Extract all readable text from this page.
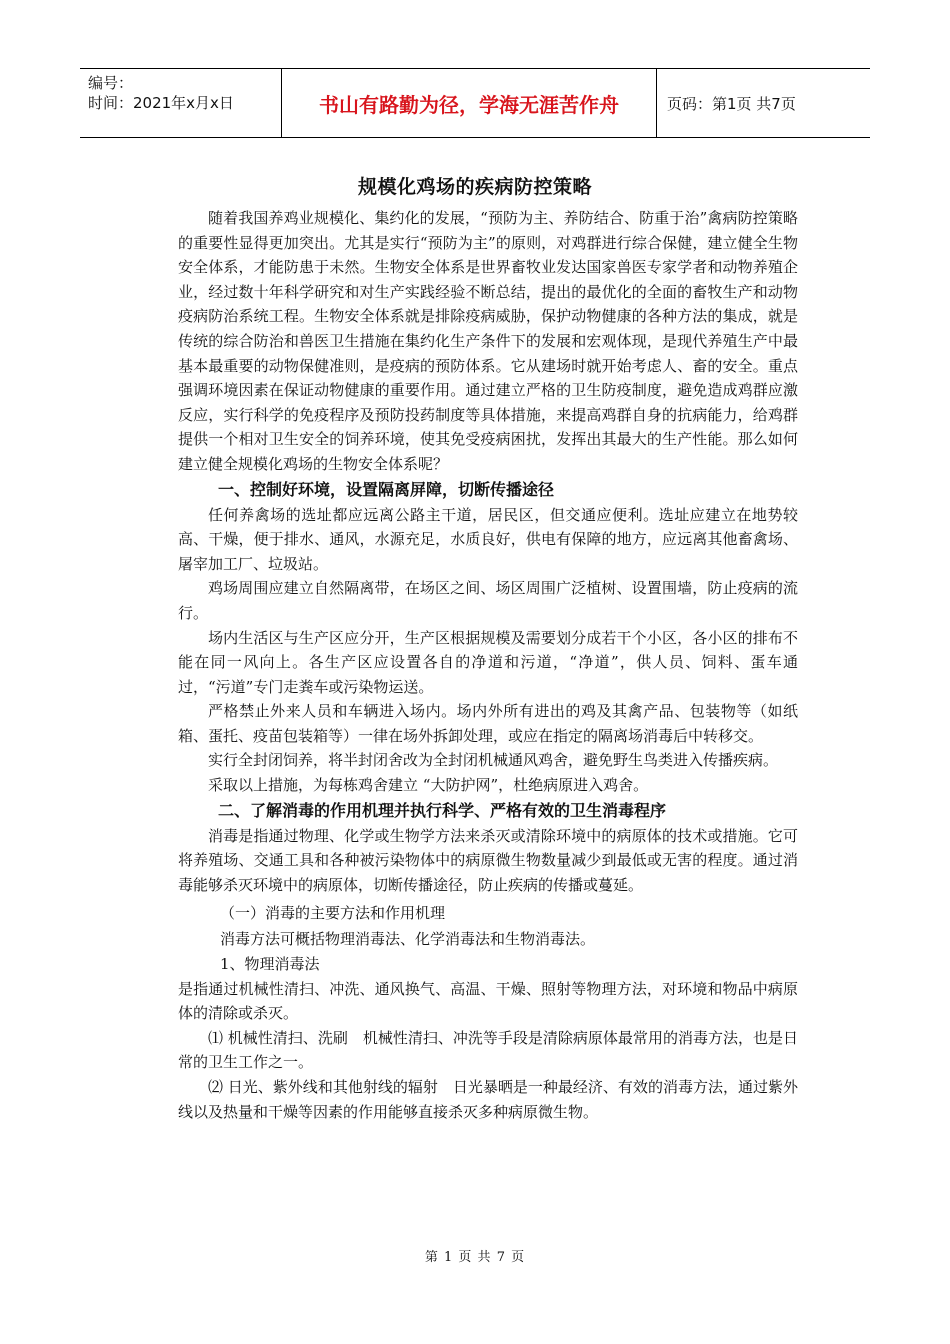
编号：
时间：2021年x月x日	书山有路勤为径，学海无涯苦作舟	页码：第1页 共7页
规模化鸡场的疾病防控策略

随着我国养鸡业规模化、集约化的发展，“预防为主、养防结合、防重于治”禽病防控策略的重要性显得更加突出。尤其是实行“预防为主”的原则，对鸡群进行综合保健，建立健全生物安全体系，才能防患于未然。生物安全体系是世界畜牧业发达国家兽医专家学者和动物养殖企业，经过数十年科学研究和对生产实践经验不断总结，提出的最优化的全面的畜牧生产和动物疫病防治系统工程。生物安全体系就是排除疫病威胁，保护动物健康的各种方法的集成，就是传统的综合防治和兽医卫生措施在集约化生产条件下的发展和宏观体现，是现代养殖生产中最基本最重要的动物保健准则，是疫病的预防体系。它从建场时就开始考虑人、畜的安全。重点强调环境因素在保证动物健康的重要作用。通过建立严格的卫生防疫制度，避免造成鸡群应激反应，实行科学的免疫程序及预防投药制度等具体措施，来提高鸡群自身的抗病能力，给鸡群提供一个相对卫生安全的饲养环境，使其免受疫病困扰，发挥出其最大的生产性能。那么如何建立健全规模化鸡场的生物安全体系呢？

一、控制好环境，设置隔离屏障，切断传播途径

任何养禽场的选址都应远离公路主干道，居民区，但交通应便利。选址应建立在地势较高、干燥，便于排水、通风，水源充足，水质良好，供电有保障的地方，应远离其他畜禽场、屠宰加工厂、垃圾站。

鸡场周围应建立自然隔离带，在场区之间、场区周围广泛植树、设置围墙，防止疫病的流行。

场内生活区与生产区应分开，生产区根据规模及需要划分成若干个小区，各小区的排布不能在同一风向上。各生产区应设置各自的净道和污道，“净道”，供人员、饲料、蛋车通过，“污道”专门走粪车或污染物运送。

严格禁止外来人员和车辆进入场内。场内外所有进出的鸡及其禽产品、包装物等（如纸箱、蛋托、疫苗包装箱等）一律在场外拆卸处理，或应在指定的隔离场消毒后中转移交。

实行全封闭饲养，将半封闭舍改为全封闭机械通风鸡舍，避免野生鸟类进入传播疾病。

采取以上措施，为每栋鸡舍建立 “大防护网”，杜绝病原进入鸡舍。

二、了解消毒的作用机理并执行科学、严格有效的卫生消毒程序

消毒是指通过物理、化学或生物学方法来杀灭或清除环境中的病原体的技术或措施。它可将养殖场、交通工具和各种被污染物体中的病原微生物数量减少到最低或无害的程度。通过消毒能够杀灭环境中的病原体，切断传播途径，防止疾病的传播或蔓延。

（一）消毒的主要方法和作用机理

消毒方法可概括物理消毒法、化学消毒法和生物消毒法。

1、物理消毒法

是指通过机械性清扫、冲洗、通风换气、高温、干燥、照射等物理方法，对环境和物品中病原体的清除或杀灭。

⑴ 机械性清扫、洗刷　机械性清扫、冲洗等手段是清除病原体最常用的消毒方法，也是日常的卫生工作之一。

⑵ 日光、紫外线和其他射线的辐射　日光暴晒是一种最经济、有效的消毒方法，通过紫外线以及热量和干燥等因素的作用能够直接杀灭多种病原微生物。

第 1 页 共 7 页
